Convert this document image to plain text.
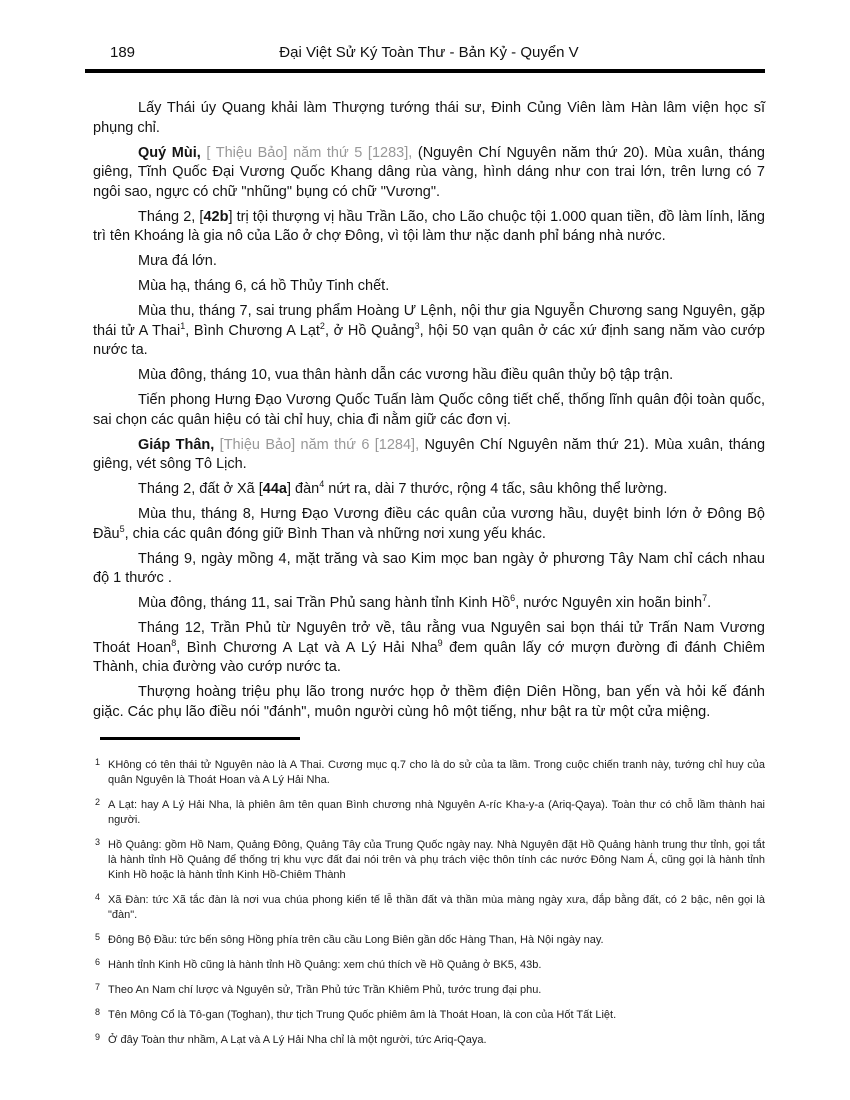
189	Đại Việt Sử Ký Toàn Thư - Bản Kỷ - Quyển V

Lấy Thái úy Quang khải làm Thượng tướng thái sư, Đinh Củng Viên làm Hàn lâm viện học sĩ phụng chỉ.

Quý Mùi, [ Thiệu Bảo] năm thứ 5 [1283], (Nguyên Chí Nguyên năm thứ 20). Mùa xuân, tháng giêng, Tĩnh Quốc Đại Vương Quốc Khang dâng rùa vàng, hình dáng như con trai lớn, trên lưng có 7 ngôi sao, ngực có chữ "nhũng" bụng có chữ "Vương".

Tháng 2, [42b] trị tội thượng vị hầu Trần Lão, cho Lão chuộc tội 1.000 quan tiền, đồ làm lính, lăng trì tên Khoáng là gia nô của Lão ở chợ Đông, vì tội làm thư nặc danh phỉ báng nhà nước.

Mưa đá lớn.

Mùa hạ, tháng 6, cá hồ Thủy Tinh chết.

Mùa thu, tháng 7, sai trung phẩm Hoàng Ư Lệnh, nội thư gia Nguyễn Chương sang Nguyên, gặp thái tử A Thai$^1$, Bình Chương A Lạt$^2$, ở Hồ Quảng$^3$, hội 50 vạn quân ở các xứ định sang năm vào cướp nước ta.

Mùa đông, tháng 10, vua thân hành dẫn các vương hầu điều quân thủy bộ tập trận.

Tiến phong Hưng Đạo Vương Quốc Tuấn làm Quốc công tiết chế, thống lĩnh quân đội toàn quốc, sai chọn các quân hiệu có tài chỉ huy, chia đi nằm giữ các đơn vị.

Giáp Thân, [Thiệu Bảo] năm thứ 6 [1284], Nguyên Chí Nguyên năm thứ 21). Mùa xuân, tháng giêng, vét sông Tô Lịch.

Tháng 2, đất ở Xã [44a] đàn$^4$ nứt ra, dài 7 thước, rộng 4 tấc, sâu không thể lường.

Mùa thu, tháng 8, Hưng Đạo Vương điều các quân của vương hầu, duyệt binh lớn ở Đông Bộ Đầu$^5$, chia các quân đóng giữ Bình Than và những nơi xung yếu khác.

Tháng 9, ngày mồng 4, mặt trăng và sao Kim mọc ban ngày ở phương Tây Nam chỉ cách nhau độ 1 thước .

Mùa đông, tháng 11, sai Trần Phủ sang hành tỉnh Kinh Hồ$^6$, nước Nguyên xin hoãn binh$^7$.

Tháng 12, Trần Phủ từ Nguyên trở về, tâu rằng vua Nguyên sai bọn thái tử Trấn Nam Vương Thoát Hoan$^8$, Bình Chương A Lạt và A Lý Hải Nha$^9$ đem quân lấy cớ mượn đường đi đánh Chiêm Thành, chia đường vào cướp nước ta.

Thượng hoàng triệu phụ lão trong nước họp ở thềm điện Diên Hồng, ban yến và hỏi kế đánh giặc. Các phụ lão điều nói "đánh", muôn người cùng hô một tiếng, như bật ra từ một cửa miệng.

1 KHông có tên thái tử Nguyên nào là A Thai. Cương mục q.7 cho là do sử của ta lầm. Trong cuộc chiến tranh này, tướng chỉ huy của quân Nguyên là Thoát Hoan và A Lý Hải Nha.
2 A Lạt: hay A Lý Hải Nha, là phiên âm tên quan Bình chương nhà Nguyên A-ríc Kha-y-a (Ariq-Qaya). Toàn thư có chỗ lầm thành hai người.
3 Hồ Quảng: gồm Hồ Nam, Quảng Đông, Quảng Tây của Trung Quốc ngày nay. Nhà Nguyên đặt Hồ Quảng hành trung thư tỉnh, gọi tắt là hành tỉnh Hồ Quảng để thống trị khu vực đất đai nói trên và phụ trách việc thôn tính các nước Đông Nam Á, cũng gọi là hành tỉnh Kinh Hồ hoặc là hành tỉnh Kinh Hồ-Chiêm Thành
4 Xã Đàn: tức Xã tắc đàn là nơi vua chúa phong kiến tế lễ thần đất và thần mùa màng ngày xưa, đắp bằng đất, có 2 bậc, nên gọi là "đàn".
5 Đông Bộ Đầu: tức bến sông Hồng phía trên cầu cầu Long Biên gần dốc Hàng Than, Hà Nội ngày nay.
6 Hành tỉnh Kinh Hồ cũng là hành tỉnh Hồ Quảng: xem chú thích về Hồ Quảng ở BK5, 43b.
7 Theo An Nam chí lược và Nguyên sử, Trần Phủ tức Trần Khiêm Phủ, tước trung đại phu.
8 Tên Mông Cổ là Tô-gan (Toghan), thư tịch Trung Quốc phiêm âm là Thoát Hoan, là con của Hốt Tất Liệt.
9 Ở đây Toàn thư nhầm, A Lạt và A Lý Hải Nha chỉ là một người, tức Ariq-Qaya.
